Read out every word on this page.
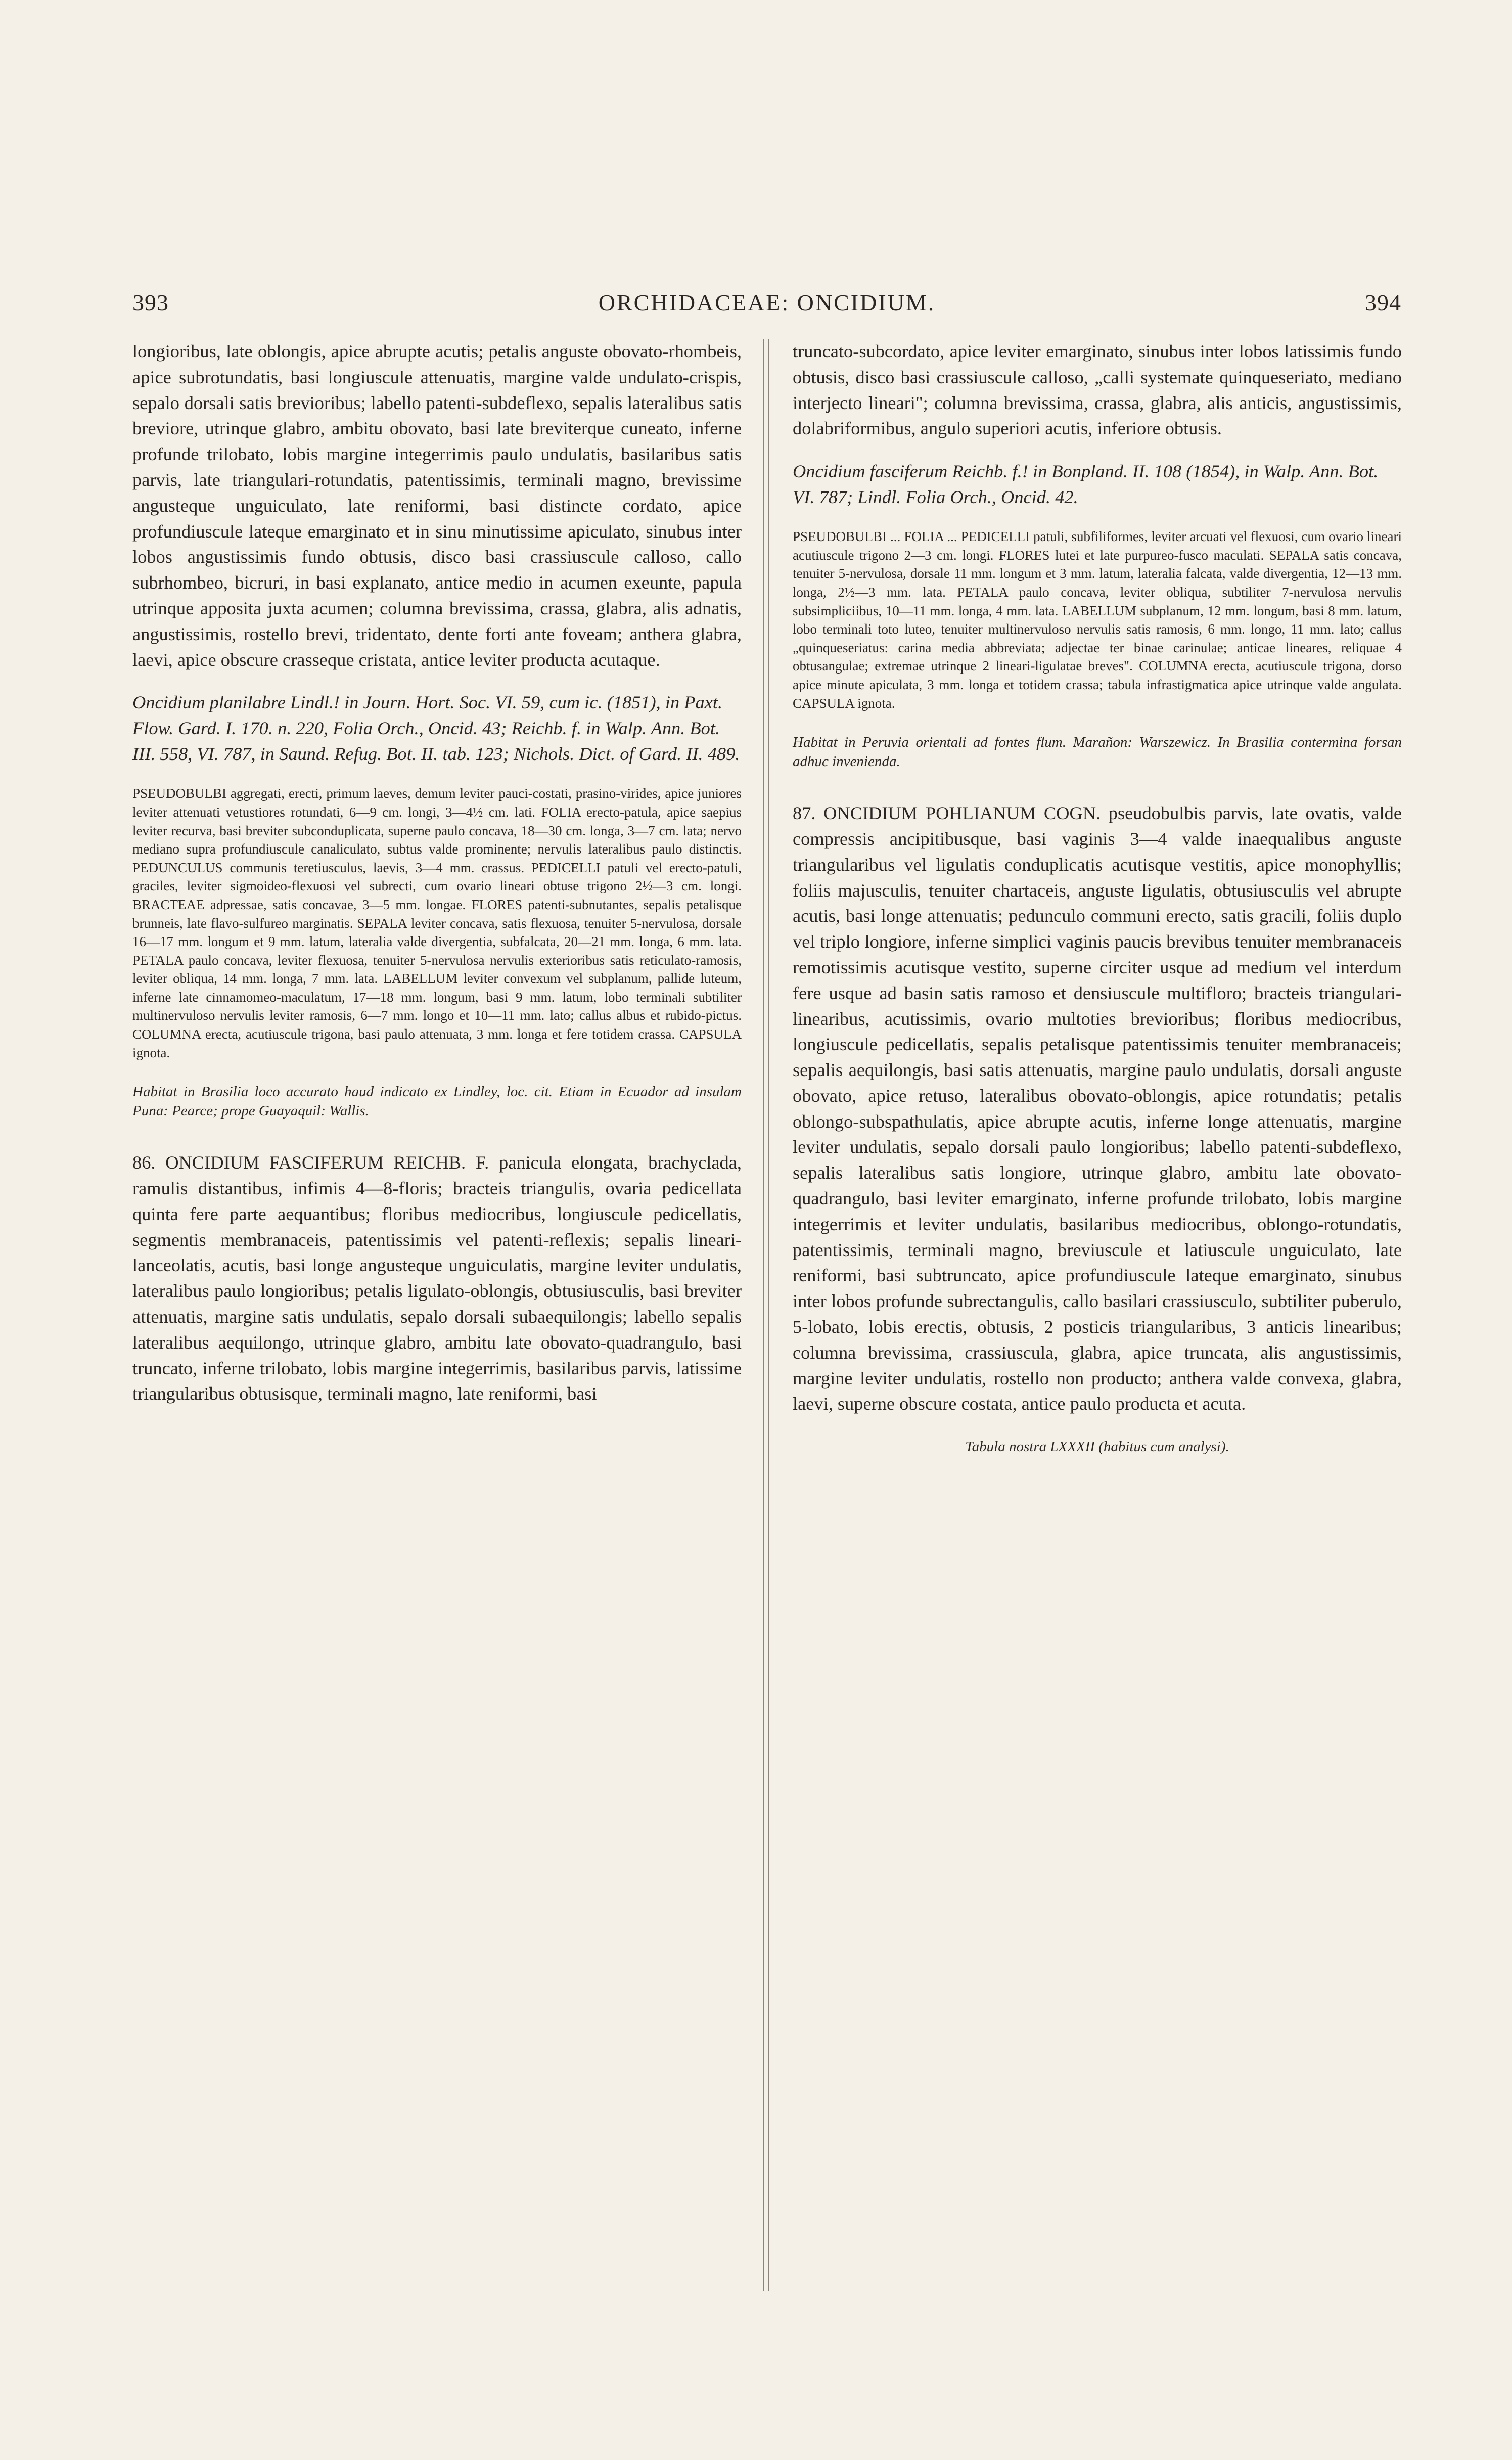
393	ORCHIDACEAE: ONCIDIUM.	394

longioribus, late oblongis, apice abrupte acutis; petalis anguste obovato-rhombeis, apice subrotundatis, basi longiuscule attenuatis, margine valde undulato-crispis, sepalo dorsali satis brevioribus; labello patenti-subdeflexo, sepalis lateralibus satis breviore, utrinque glabro, ambitu obovato, basi late breviterque cuneato, inferne profunde trilobato, lobis margine integerrimis paulo undulatis, basilaribus satis parvis, late triangulari-rotundatis, patentissimis, terminali magno, brevissime angusteque unguiculato, late reniformi, basi distincte cordato, apice profundiuscule lateque emarginato et in sinu minutissime apiculato, sinubus inter lobos angustissimis fundo obtusis, disco basi crassiuscule calloso, callo subrhombeo, bicruri, in basi explanato, antice medio in acumen exeunte, papula utrinque apposita juxta acumen; columna brevissima, crassa, glabra, alis adnatis, angustissimis, rostello brevi, tridentato, dente forti ante foveam; anthera glabra, laevi, apice obscure crasseque cristata, antice leviter producta acutaque.

Oncidium planilabre Lindl.! in Journ. Hort. Soc. VI. 59, cum ic. (1851), in Paxt. Flow. Gard. I. 170. n. 220, Folia Orch., Oncid. 43; Reichb. f. in Walp. Ann. Bot. III. 558, VI. 787, in Saund. Refug. Bot. II. tab. 123; Nichols. Dict. of Gard. II. 489.

PSEUDOBULBI aggregati, erecti, primum laeves, demum leviter pauci-costati, prasino-virides, apice juniores leviter attenuati vetustiores rotundati, 6—9 cm. longi, 3—4½ cm. lati. FOLIA erecto-patula, apice saepius leviter recurva, basi breviter subconduplicata, superne paulo concava, 18—30 cm. longa, 3—7 cm. lata; nervo mediano supra profundiuscule canaliculato, subtus valde prominente; nervulis lateralibus paulo distinctis. PEDUNCULUS communis teretiusculus, laevis, 3—4 mm. crassus. PEDICELLI patuli vel erecto-patuli, graciles, leviter sigmoideo-flexuosi vel subrecti, cum ovario lineari obtuse trigono 2½—3 cm. longi. BRACTEAE adpressae, satis concavae, 3—5 mm. longae. FLORES patenti-subnutantes, sepalis petalisque brunneis, late flavo-sulfureo marginatis. SEPALA leviter concava, satis flexuosa, tenuiter 5-nervulosa, dorsale 16—17 mm. longum et 9 mm. latum, lateralia valde divergentia, subfalcata, 20—21 mm. longa, 6 mm. lata. PETALA paulo concava, leviter flexuosa, tenuiter 5-nervulosa nervulis exterioribus satis reticulato-ramosis, leviter obliqua, 14 mm. longa, 7 mm. lata. LABELLUM leviter convexum vel subplanum, pallide luteum, inferne late cinnamomeo-maculatum, 17—18 mm. longum, basi 9 mm. latum, lobo terminali subtiliter multinervuloso nervulis leviter ramosis, 6—7 mm. longo et 10—11 mm. lato; callus albus et rubido-pictus. COLUMNA erecta, acutiuscule trigona, basi paulo attenuata, 3 mm. longa et fere totidem crassa. CAPSULA ignota.

Habitat in Brasilia loco accurato haud indicato ex Lindley, loc. cit. Etiam in Ecuador ad insulam Puna: Pearce; prope Guayaquil: Wallis.

86. ONCIDIUM FASCIFERUM REICHB. F. panicula elongata, brachyclada, ramulis distantibus, infimis 4—8-floris; bracteis triangulis, ovaria pedicellata quinta fere parte aequantibus; floribus mediocribus, longiuscule pedicellatis, segmentis membranaceis, patentissimis vel patenti-reflexis; sepalis lineari-lanceolatis, acutis, basi longe angusteque unguiculatis, margine leviter undulatis, lateralibus paulo longioribus; petalis ligulato-oblongis, obtusiusculis, basi breviter attenuatis, margine satis undulatis, sepalo dorsali subaequilongis; labello sepalis lateralibus aequilongo, utrinque glabro, ambitu late obovato-quadrangulo, basi truncato, inferne trilobato, lobis margine integerrimis, basilaribus parvis, latissime triangularibus obtusisque, terminali magno, late reniformi, basi

truncato-subcordato, apice leviter emarginato, sinubus inter lobos latissimis fundo obtusis, disco basi crassiuscule calloso, „calli systemate quinqueseriato, mediano interjecto lineari"; columna brevissima, crassa, glabra, alis anticis, angustissimis, dolabriformibus, angulo superiori acutis, inferiore obtusis.

Oncidium fasciferum Reichb. f.! in Bonpland. II. 108 (1854), in Walp. Ann. Bot. VI. 787; Lindl. Folia Orch., Oncid. 42.

PSEUDOBULBI ... FOLIA ... PEDICELLI patuli, subfiliformes, leviter arcuati vel flexuosi, cum ovario lineari acutiuscule trigono 2—3 cm. longi. FLORES lutei et late purpureo-fusco maculati. SEPALA satis concava, tenuiter 5-nervulosa, dorsale 11 mm. longum et 3 mm. latum, lateralia falcata, valde divergentia, 12—13 mm. longa, 2½—3 mm. lata. PETALA paulo concava, leviter obliqua, subtiliter 7-nervulosa nervulis subsimpliciibus, 10—11 mm. longa, 4 mm. lata. LABELLUM subplanum, 12 mm. longum, basi 8 mm. latum, lobo terminali toto luteo, tenuiter multinervuloso nervulis satis ramosis, 6 mm. longo, 11 mm. lato; callus „quinqueseriatus: carina media abbreviata; adjectae ter binae carinulae; anticae lineares, reliquae 4 obtusangulae; extremae utrinque 2 lineari-ligulatae breves". COLUMNA erecta, acutiuscule trigona, dorso apice minute apiculata, 3 mm. longa et totidem crassa; tabula infrastigmatica apice utrinque valde angulata. CAPSULA ignota.

Habitat in Peruvia orientali ad fontes flum. Marañon: Warszewicz. In Brasilia contermina forsan adhuc invenienda.

87. ONCIDIUM POHLIANUM COGN. pseudobulbis parvis, late ovatis, valde compressis ancipitibusque, basi vaginis 3—4 valde inaequalibus anguste triangularibus vel ligulatis conduplicatis acutisque vestitis, apice monophyllis; foliis majusculis, tenuiter chartaceis, anguste ligulatis, obtusiusculis vel abrupte acutis, basi longe attenuatis; pedunculo communi erecto, satis gracili, foliis duplo vel triplo longiore, inferne simplici vaginis paucis brevibus tenuiter membranaceis remotissimis acutisque vestito, superne circiter usque ad medium vel interdum fere usque ad basin satis ramoso et densiuscule multifloro; bracteis triangulari-linearibus, acutissimis, ovario multoties brevioribus; floribus mediocribus, longiuscule pedicellatis, sepalis petalisque patentissimis tenuiter membranaceis; sepalis aequilongis, basi satis attenuatis, margine paulo undulatis, dorsali anguste obovato, apice retuso, lateralibus obovato-oblongis, apice rotundatis; petalis oblongo-subspathulatis, apice abrupte acutis, inferne longe attenuatis, margine leviter undulatis, sepalo dorsali paulo longioribus; labello patenti-subdeflexo, sepalis lateralibus satis longiore, utrinque glabro, ambitu late obovato-quadrangulo, basi leviter emarginato, inferne profunde trilobato, lobis margine integerrimis et leviter undulatis, basilaribus mediocribus, oblongo-rotundatis, patentissimis, terminali magno, breviuscule et latiuscule unguiculato, late reniformi, basi subtruncato, apice profundiuscule lateque emarginato, sinubus inter lobos profunde subrectangulis, callo basilari crassiusculo, subtiliter puberulo, 5-lobato, lobis erectis, obtusis, 2 posticis triangularibus, 3 anticis linearibus; columna brevissima, crassiuscula, glabra, apice truncata, alis angustissimis, margine leviter undulatis, rostello non producto; anthera valde convexa, glabra, laevi, superne obscure costata, antice paulo producta et acuta.

Tabula nostra LXXXII (habitus cum analysi).
